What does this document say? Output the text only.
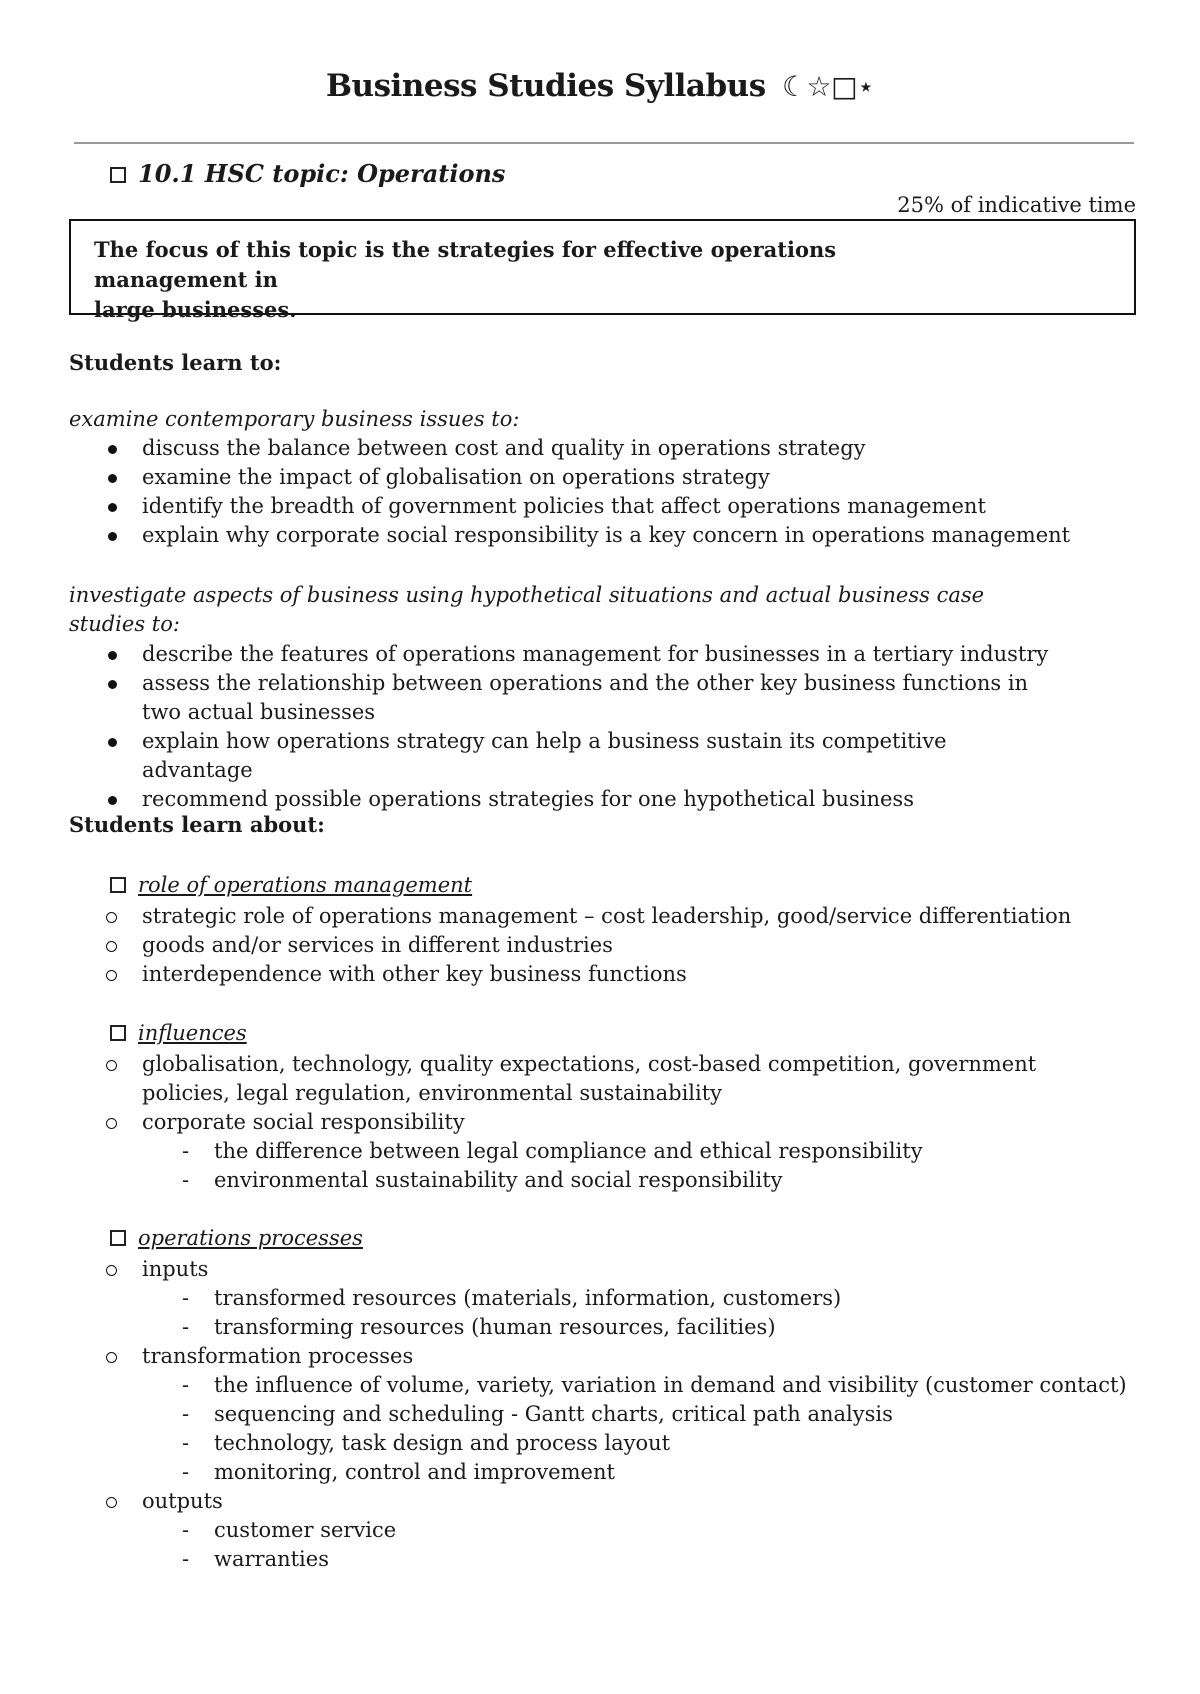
Business Studies Syllabus ☾☆□⋆
10.1 HSC topic: Operations
25% of indicative time
The focus of this topic is the strategies for effective operations management in
large businesses.
Students learn to:
examine contemporary business issues to:
discuss the balance between cost and quality in operations strategy
examine the impact of globalisation on operations strategy
identify the breadth of government policies that affect operations management
explain why corporate social responsibility is a key concern in operations management
investigate aspects of business using hypothetical situations and actual business case studies to:
describe the features of operations management for businesses in a tertiary industry
assess the relationship between operations and the other key business functions in two actual businesses
explain how operations strategy can help a business sustain its competitive advantage
recommend possible operations strategies for one hypothetical business
Students learn about:
role of operations management
strategic role of operations management – cost leadership, good/service differentiation
goods and/or services in different industries
interdependence with other key business functions
influences
globalisation, technology, quality expectations, cost-based competition, government policies, legal regulation, environmental sustainability
corporate social responsibility
- the difference between legal compliance and ethical responsibility
- environmental sustainability and social responsibility
operations processes
inputs
- transformed resources (materials, information, customers)
- transforming resources (human resources, facilities)
transformation processes
- the influence of volume, variety, variation in demand and visibility (customer contact)
- sequencing and scheduling - Gantt charts, critical path analysis
- technology, task design and process layout
- monitoring, control and improvement
outputs
- customer service
- warranties
